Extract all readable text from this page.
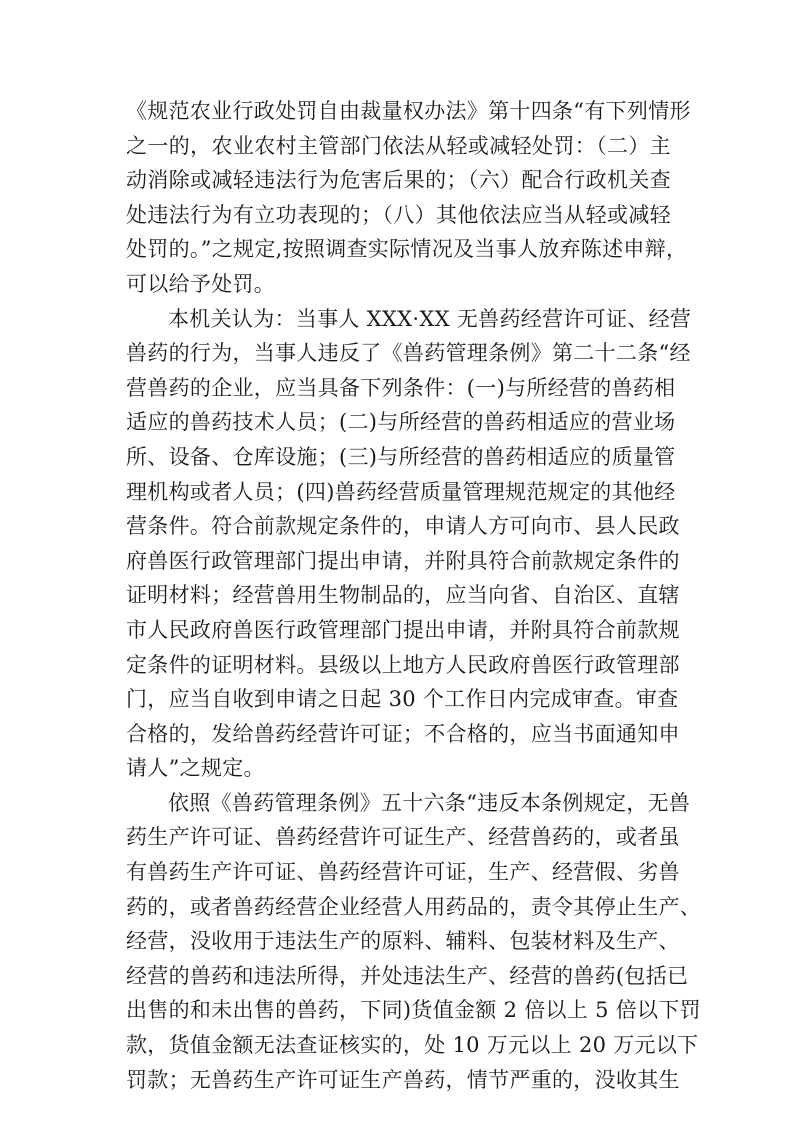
《规范农业行政处罚自由裁量权办法》第十四条“有下列情形
之一的，农业农村主管部门依法从轻或减轻处罚：（二）主
动消除或减轻违法行为危害后果的；（六）配合行政机关查
处违法行为有立功表现的；（八）其他依法应当从轻或减轻
处罚的。”之规定,按照调查实际情况及当事人放弃陈述申辩，
可以给予处罚。
本机关认为：当事人 XXX·XX 无兽药经营许可证、经营
兽药的行为，当事人违反了《兽药管理条例》第二十二条“经
营兽药的企业，应当具备下列条件：(一)与所经营的兽药相
适应的兽药技术人员；(二)与所经营的兽药相适应的营业场
所、设备、仓库设施；(三)与所经营的兽药相适应的质量管
理机构或者人员；(四)兽药经营质量管理规范规定的其他经
营条件。符合前款规定条件的，申请人方可向市、县人民政
府兽医行政管理部门提出申请，并附具符合前款规定条件的
证明材料；经营兽用生物制品的，应当向省、自治区、直辖
市人民政府兽医行政管理部门提出申请，并附具符合前款规
定条件的证明材料。县级以上地方人民政府兽医行政管理部
门，应当自收到申请之日起 30 个工作日内完成审查。审查
合格的，发给兽药经营许可证；不合格的，应当书面通知申
请人”之规定。
依照《兽药管理条例》五十六条“违反本条例规定，无兽
药生产许可证、兽药经营许可证生产、经营兽药的，或者虽
有兽药生产许可证、兽药经营许可证，生产、经营假、劣兽
药的，或者兽药经营企业经营人用药品的，责令其停止生产、
经营，没收用于违法生产的原料、辅料、包装材料及生产、
经营的兽药和违法所得，并处违法生产、经营的兽药(包括已
出售的和未出售的兽药，下同)货值金额 2 倍以上 5 倍以下罚
款，货值金额无法查证核实的，处 10 万元以上 20 万元以下
罚款；无兽药生产许可证生产兽药，情节严重的，没收其生
